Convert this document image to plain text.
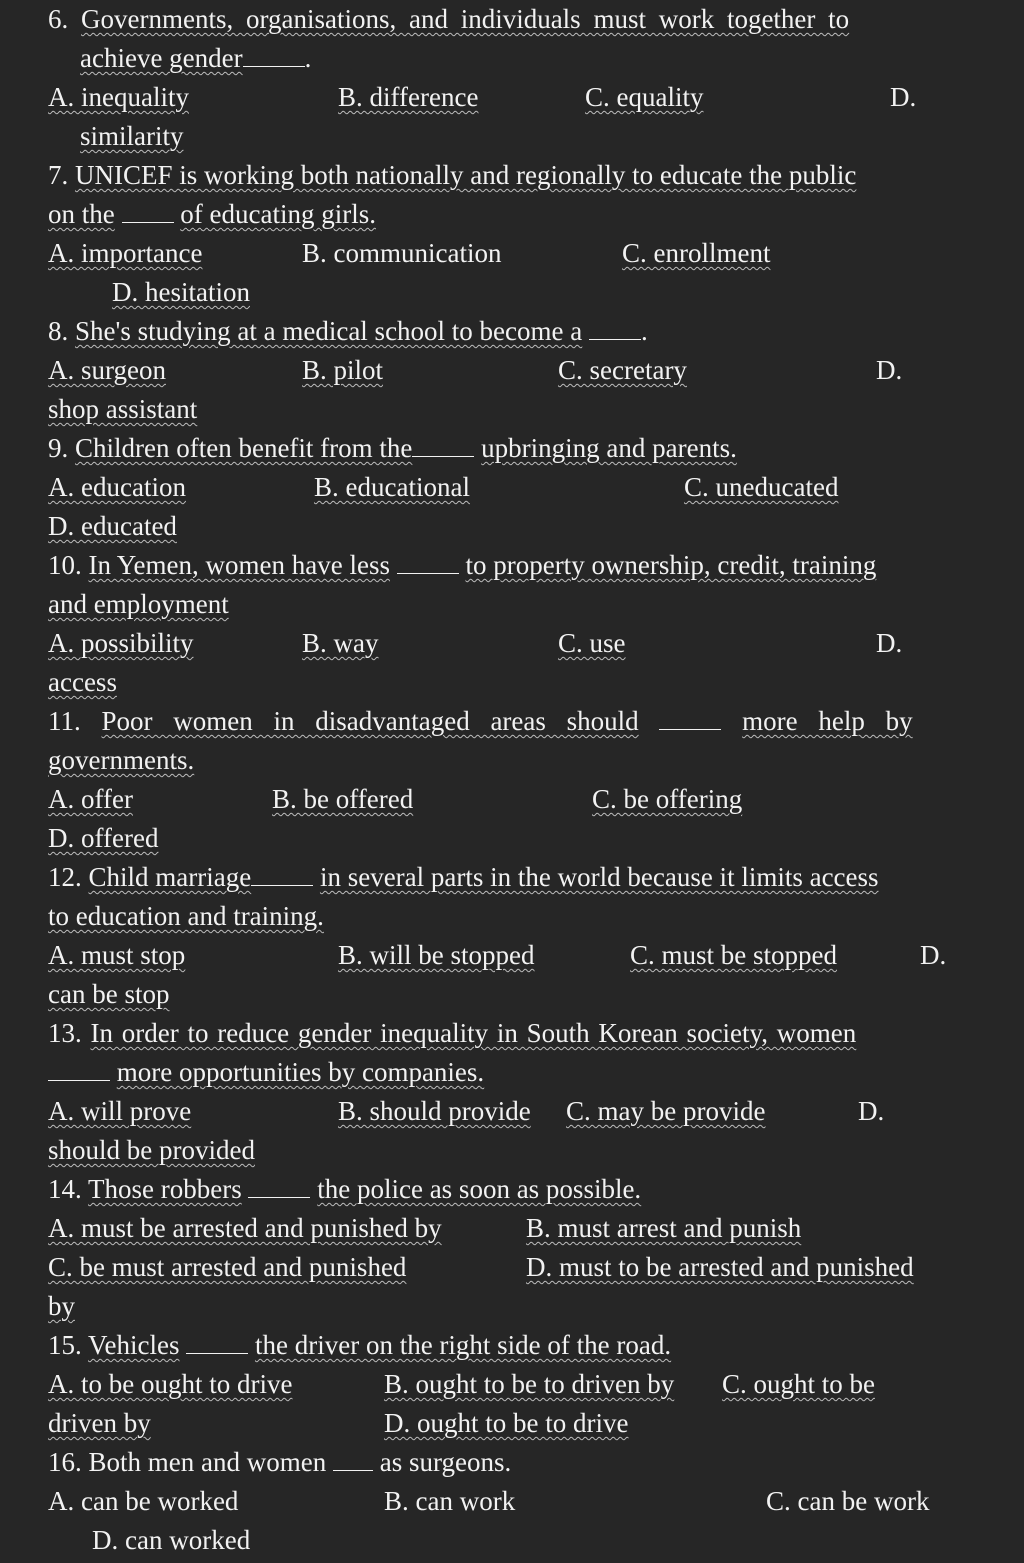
6. Governments, organisations, and individuals must work together to
achieve gender .
A. inequality	B. difference	C. equality	D.
similarity
7. UNICEF is working both nationally and regionally to educate the public
on the of educating girls.
A. importance	B. communication	C. enrollment
D. hesitation
8. She's studying at a medical school to become a .
A. surgeon	B. pilot	C. secretary	D.
shop assistant
9. Children often benefit from the	upbringing and parents.
A. education	B. educational	C. uneducated
D. educated
10. In Yemen, women have less	to property ownership, credit, training
and employment
A. possibility	B. way	C. use	D.
access
11. Poor women in disadvantaged areas should	more help by
governments.
A. offer	B. be offered	C. be offering
D. offered
12. Child marriage	in several parts in the world because it limits access
to education and training.
A. must stop	B. will be stopped	C. must be stopped	D.
can be stop
13. In order to reduce gender inequality in South Korean society, women
more opportunities by companies.
A. will prove	B. should provide C. may be provide	D.
should be provided
14. Those robbers	the police as soon as possible.
A. must be arrested and punished by	B. must arrest and punish
C. be must arrested and punished	D. must to be arrested and punished
by
15. Vehicles	the driver on the right side of the road.
A. to be ought to drive	B. ought to be to driven by C. ought to be
driven by	D. ought to be to drive
16. Both men and women as surgeons.
A. can be worked	B. can work	C. can be work
D. can worked
